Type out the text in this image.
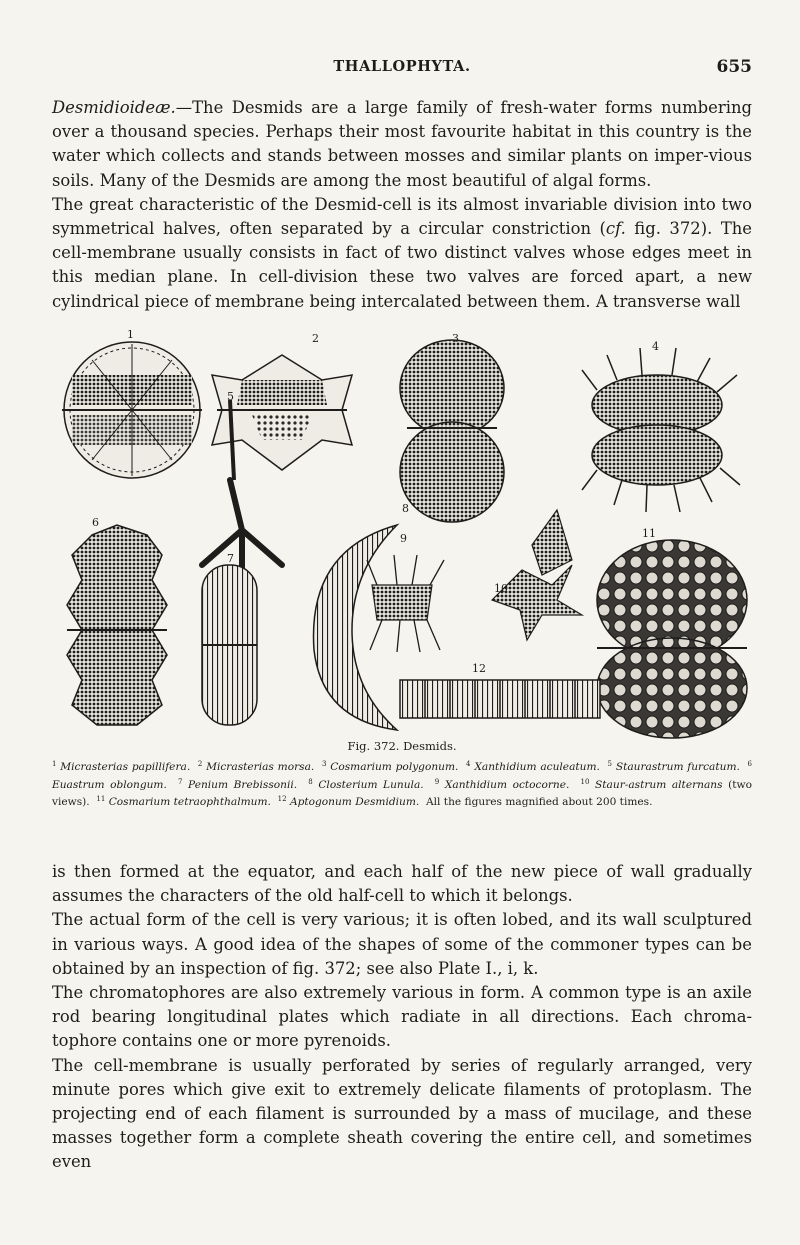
THALLOPHYTA.	655

Desmidioideæ.—The Desmids are a large family of fresh-water forms numbering over a thousand species. Perhaps their most favourite habitat in this country is the water which collects and stands between mosses and similar plants on imper-vious soils. Many of the Desmids are among the most beautiful of algal forms.

The great characteristic of the Desmid-cell is its almost invariable division into two symmetrical halves, often separated by a circular constriction (cf. fig. 372). The cell-membrane usually consists in fact of two distinct valves whose edges meet in this median plane. In cell-division these two valves are forced apart, a new cylindrical piece of membrane being intercalated between them. A transverse wall

1	2	3
4
5
6
7
8
9
10
11
12
Fig. 372. Desmids.
$^1$ Micrasterias papillifera. $^2$ Micrasterias morsa. $^3$ Cosmarium polygonum. $^4$ Xanthidium aculeatum. $^5$ Staurastrum furcatum. $^6$ Euastrum oblongum. $^7$ Penium Brebissonii. $^8$ Closterium Lunula. $^9$ Xanthidium octocorne. $^{10}$ Staur-astrum alternans (two views). $^{11}$ Cosmarium tetraophthalmum. $^{12}$ Aptogonum Desmidium. All the figures magnified about 200 times.

is then formed at the equator, and each half of the new piece of wall gradually assumes the characters of the old half-cell to which it belongs.

The actual form of the cell is very various; it is often lobed, and its wall sculptured in various ways. A good idea of the shapes of some of the commoner types can be obtained by an inspection of fig. 372; see also Plate I., i, k.

The chromatophores are also extremely various in form. A common type is an axile rod bearing longitudinal plates which radiate in all directions. Each chroma-tophore contains one or more pyrenoids.

The cell-membrane is usually perforated by series of regularly arranged, very minute pores which give exit to extremely delicate filaments of protoplasm. The projecting end of each filament is surrounded by a mass of mucilage, and these masses together form a complete sheath covering the entire cell, and sometimes even
